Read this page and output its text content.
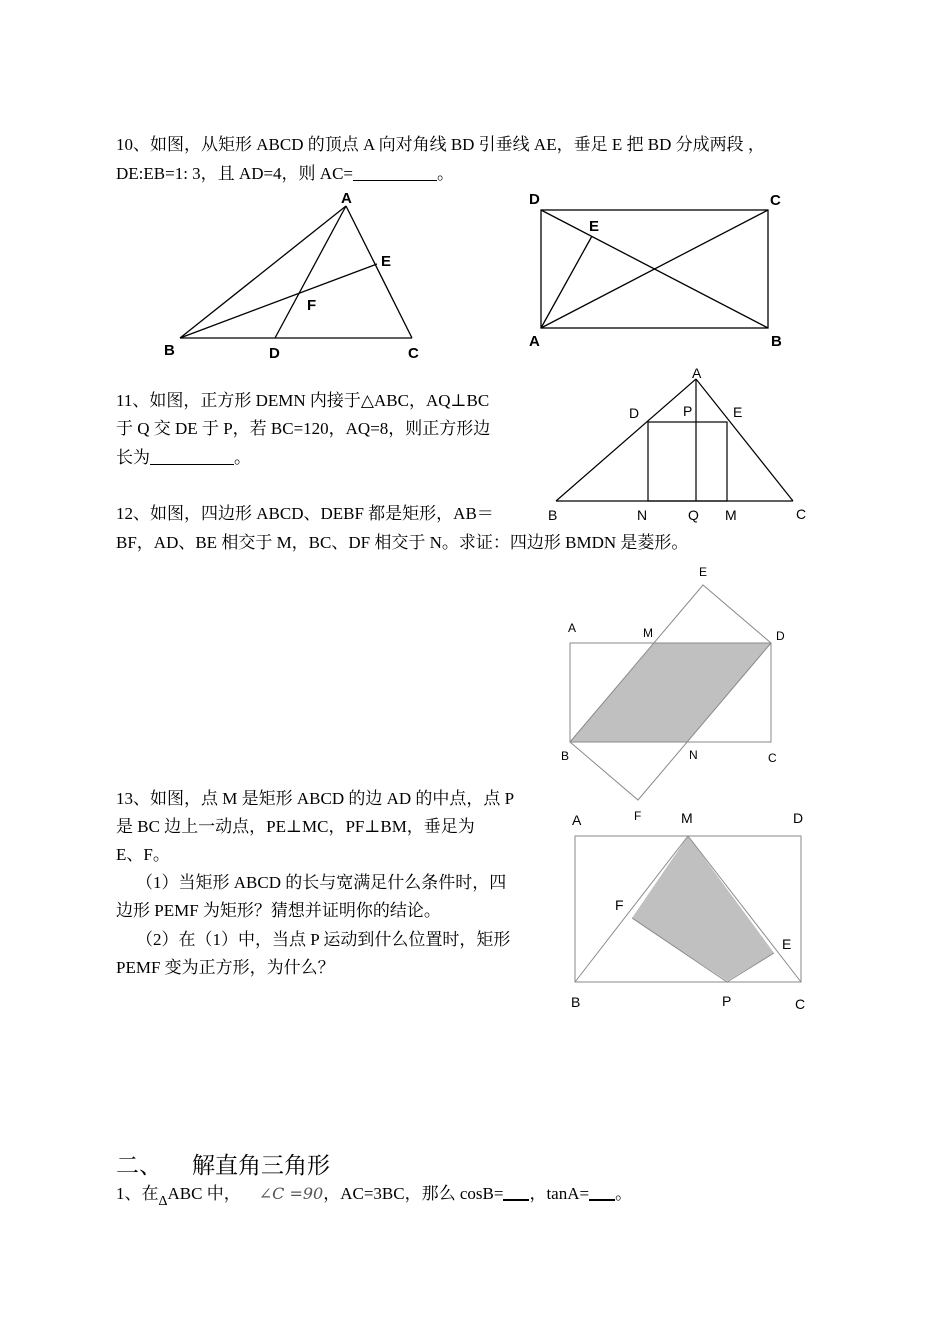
10、如图，从矩形 ABCD 的顶点 A 向对角线 BD 引垂线 AE，垂足 E 把 BD 分成两段 ，
DE:EB=1: 3，且 AD=4，则 AC=	。
A
B	C
D
E
F
D	C
A	B
E
11、如图，正方形 DEMN 内接于△ABC，AQ⊥BC
于 Q 交 DE 于 P，若 BC=120，AQ=8，则正方形边
长为	。
A
B	C
D	E
P
N	Q M
12、如图，四边形 ABCD、DEBF 都是矩形，AB＝
BF，AD、BE 相交于 M，BC、DF 相交于 N。求证：四边形 BMDN 是菱形。
E
A	M	D
B	N	C
F
13、如图，点 M 是矩形 ABCD 的边 AD 的中点，点 P
是 BC 边上一动点，PE⊥MC，PF⊥BM，垂足为
E、F。
（1）当矩形 ABCD 的长与宽满足什么条件时，四
边形 PEMF 为矩形？猜想并证明你的结论。
（2）在（1）中，当点 P 运动到什么位置时，矩形
PEMF 变为正方形，为什么？
A	M	D
F
E
B	P	C
二、 解直角三角形
1、在$_\Delta$ABC 中， ∠C =90，AC=3BC，那么 cosB= ，tanA= 。
